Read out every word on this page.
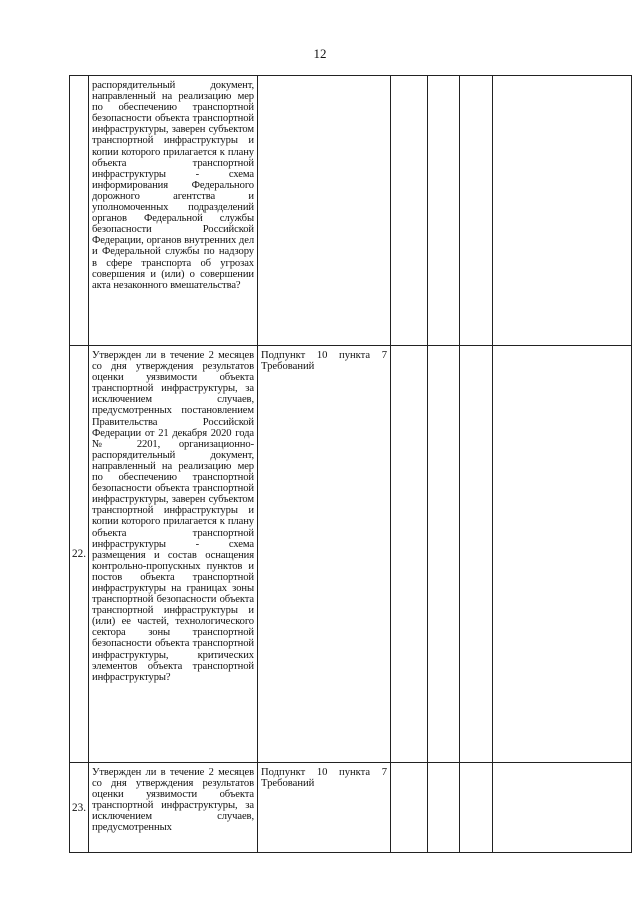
12
	распорядительный документ, направленный на реализацию мер по обеспечению транспортной безопасности объекта транспортной инфраструктуры, заверен субъектом транспортной инфраструктуры и копии которого прилагается к плану объекта транспортной инфраструктуры - схема информирования Федерального дорожного агентства и уполномоченных подразделений органов Федеральной службы безопасности Российской Федерации, органов внутренних дел и Федеральной службы по надзору в сфере транспорта об угрозах совершения и (или) о совершении акта незаконного вмешательства?	

22.	Утвержден ли в течение 2 месяцев со дня утверждения результатов оценки уязвимости объекта транспортной инфраструктуры, за исключением случаев, предусмотренных постановлением Правительства Российской Федерации от 21 декабря 2020 года № 2201, организационно-распорядительный документ, направленный на реализацию мер по обеспечению транспортной безопасности объекта транспортной инфраструктуры, заверен субъектом транспортной инфраструктуры и копии которого прилагается к плану объекта транспортной инфраструктуры - схема размещения и состав оснащения контрольно-пропускных пунктов и постов объекта транспортной инфраструктуры на границах зоны транспортной безопасности объекта транспортной инфраструктуры и (или) ее частей, технологического сектора зоны транспортной безопасности объекта транспортной инфраструктуры, критических элементов объекта транспортной инфраструктуры?	Подпункт 10 пункта 7 Требований				

23.	Утвержден ли в течение 2 месяцев со дня утверждения результатов оценки уязвимости объекта транспортной инфраструктуры, за исключением случаев, предусмотренных	Подпункт 10 пункта 7 Требований				
